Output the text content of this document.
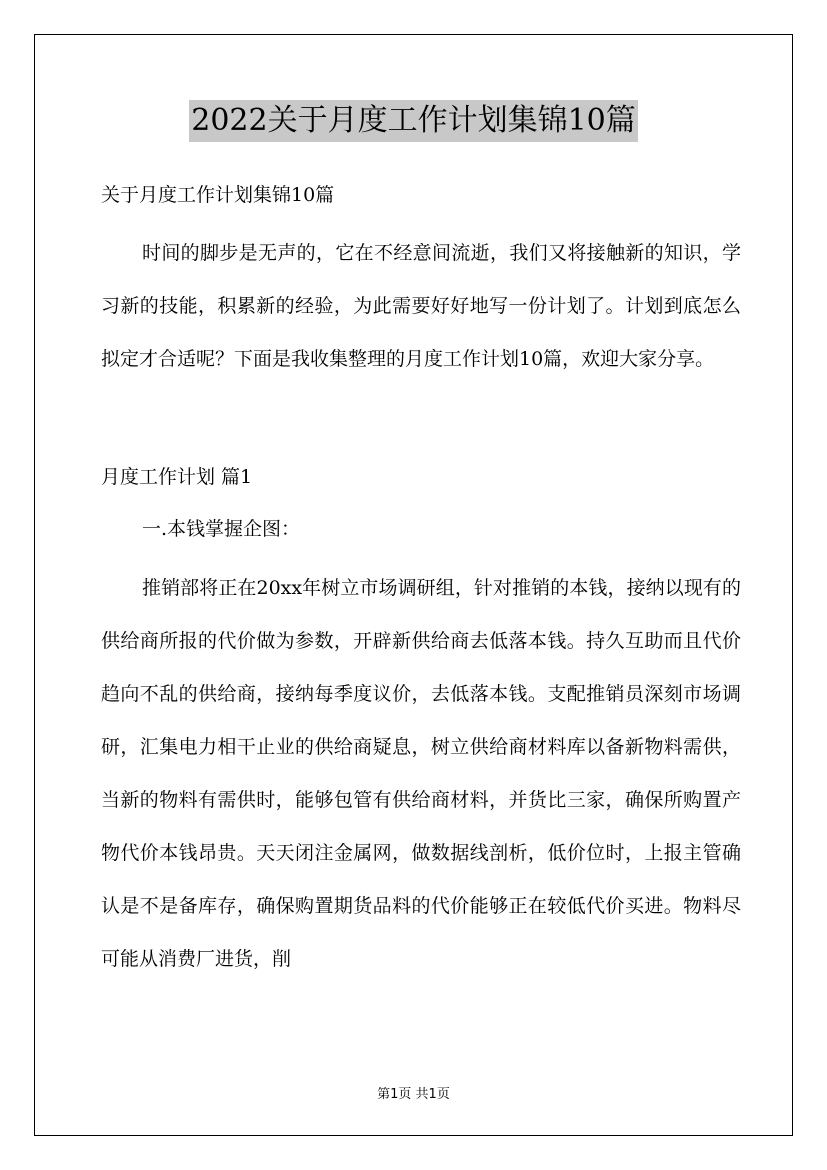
2022关于月度工作计划集锦10篇

关于月度工作计划集锦10篇

时间的脚步是无声的，它在不经意间流逝，我们又将接触新的知识，学习新的技能，积累新的经验，为此需要好好地写一份计划了。计划到底怎么拟定才合适呢？下面是我收集整理的月度工作计划10篇，欢迎大家分享。

月度工作计划 篇1

一.本钱掌握企图：

推销部将正在20xx年树立市场调研组，针对推销的本钱，接纳以现有的供给商所报的代价做为参数，开辟新供给商去低落本钱。持久互助而且代价趋向不乱的供给商，接纳每季度议价，去低落本钱。支配推销员深刻市场调研，汇集电力相干止业的供给商疑息，树立供给商材料库以备新物料需供，当新的物料有需供时，能够包管有供给商材料，并货比三家，确保所购置产物代价本钱昂贵。天天闭注金属网，做数据线剖析，低价位时，上报主管确认是不是备库存，确保购置期货品料的代价能够正在较低代价买进。物料尽可能从消费厂进货，削

第1页 共1页
